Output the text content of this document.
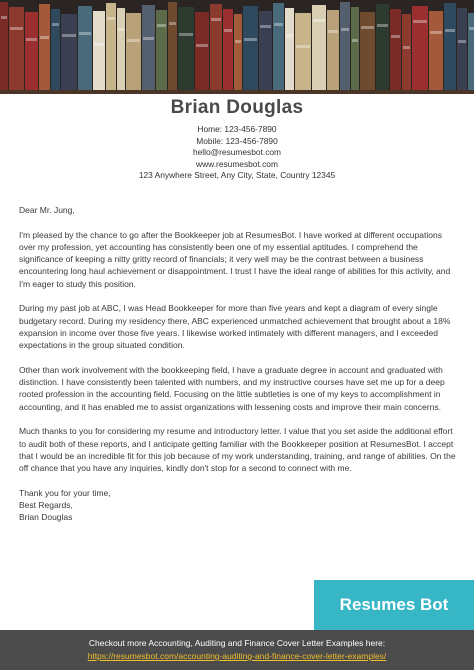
Brian Douglas
Home: 123-456-7890
Mobile: 123-456-7890
hello@resumesbot.com
www.resumesbot.com
123 Anywhere Street, Any City, State, Country 12345

Dear Mr. Jung,

I'm pleased by the chance to go after the Bookkeeper job at ResumesBot. I have worked at different occupations over my profession, yet accounting has consistently been one of my essential aptitudes. I comprehend the significance of keeping a nitty gritty record of financials; it very well may be the contrast between a business encountering long haul achievement or disappointment. I trust I have the ideal range of abilities for this activity, and I'm eager to study this position.

During my past job at ABC, I was Head Bookkeeper for more than five years and kept a diagram of every single budgetary record. During my residency there, ABC experienced unmatched achievement that brought about a 18% expansion in income over those five years. I likewise worked intimately with different managers, and I exceeded expectations in the group situated condition.

Other than work involvement with the bookkeeping field, I have a graduate degree in account and graduated with distinction. I have consistently been talented with numbers, and my instructive courses have set me up for a deep rooted profession in the accounting field. Focusing on the little subtleties is one of my keys to accomplishment in accounting, and it has enabled me to assist organizations with lessening costs and improve their main concerns.

Much thanks to you for considering my resume and introductory letter. I value that you set aside the additional effort to audit both of these reports, and I anticipate getting familiar with the Bookkeeper position at ResumesBot. I accept that I would be an incredible fit for this job because of my work understanding, training, and range of abilities. On the off chance that you have any inquiries, kindly don't stop for a second to connect with me.

Thank you for your time,
Best Regards,
Brian Douglas
Resumes Bot
Checkout more Accounting, Auditing and Finance Cover Letter Examples here:
https://resumesbot.com/accounting-auditing-and-finance-cover-letter-examples/
